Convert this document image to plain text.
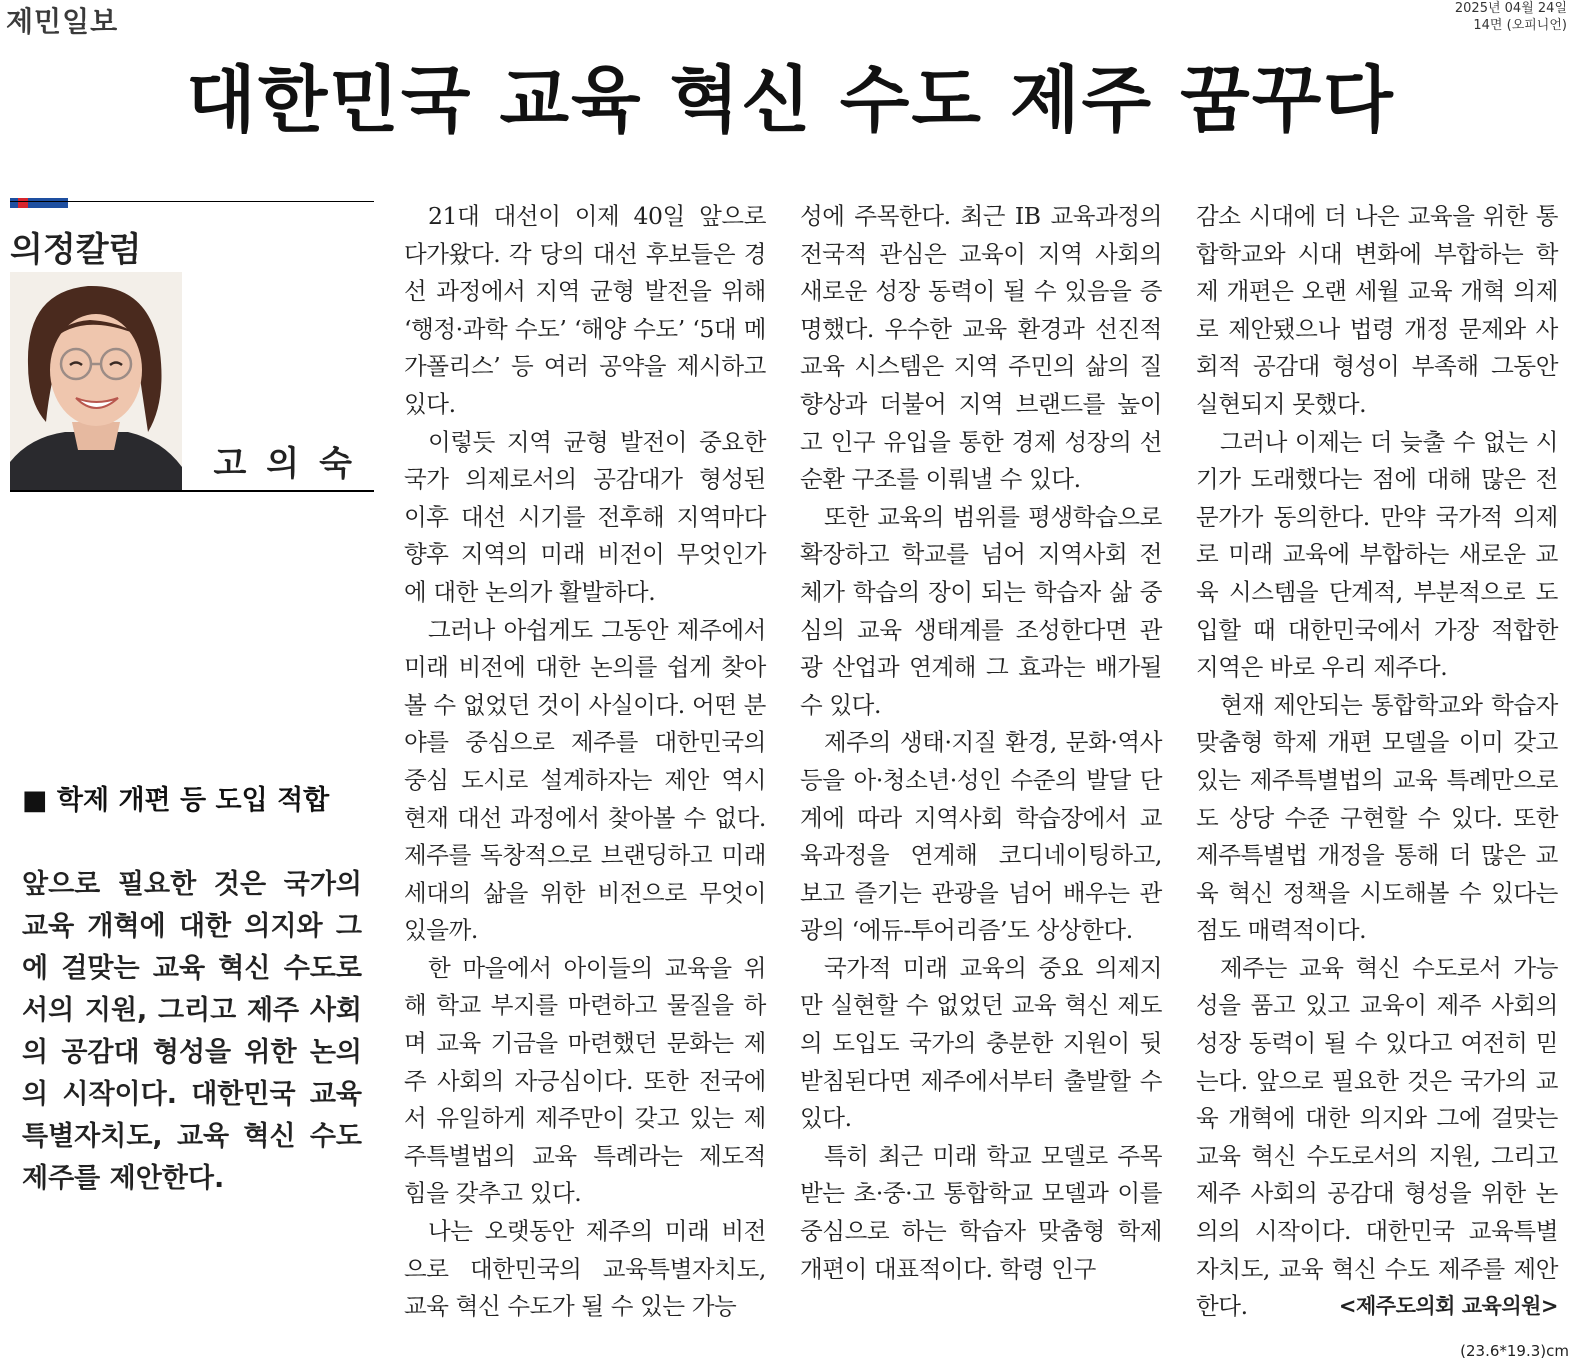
제민일보	2025년 04월 24일
14면 (오피니언)
대한민국 교육 혁신 수도 제주 꿈꾸다
의정칼럼
고의숙
■ 학제 개편 등 도입 적합
앞으로 필요한 것은 국가의 교육 개혁에 대한 의지와 그에 걸맞는 교육 혁신 수도로서의 지원, 그리고 제주 사회의 공감대 형성을 위한 논의의 시작이다. 대한민국 교육특별자치도, 교육 혁신 수도 제주를 제안한다.

21대 대선이 이제 40일 앞으로 다가왔다. 각 당의 대선 후보들은 경선 과정에서 지역 균형 발전을 위해 ‘행정·과학 수도’ ‘해양 수도’ ‘5대 메가폴리스’ 등 여러 공약을 제시하고 있다.

이렇듯 지역 균형 발전이 중요한 국가 의제로서의 공감대가 형성된 이후 대선 시기를 전후해 지역마다 향후 지역의 미래 비전이 무엇인가에 대한 논의가 활발하다.

그러나 아쉽게도 그동안 제주에서 미래 비전에 대한 논의를 쉽게 찾아볼 수 없었던 것이 사실이다. 어떤 분야를 중심으로 제주를 대한민국의 중심 도시로 설계하자는 제안 역시 현재 대선 과정에서 찾아볼 수 없다. 제주를 독창적으로 브랜딩하고 미래 세대의 삶을 위한 비전으로 무엇이 있을까.

한 마을에서 아이들의 교육을 위해 학교 부지를 마련하고 물질을 하며 교육 기금을 마련했던 문화는 제주 사회의 자긍심이다. 또한 전국에서 유일하게 제주만이 갖고 있는 제주특별법의 교육 특례라는 제도적 힘을 갖추고 있다.

나는 오랫동안 제주의 미래 비전으로 대한민국의 교육특별자치도, 교육 혁신 수도가 될 수 있는 가능

성에 주목한다. 최근 IB 교육과정의 전국적 관심은 교육이 지역 사회의 새로운 성장 동력이 될 수 있음을 증명했다. 우수한 교육 환경과 선진적 교육 시스템은 지역 주민의 삶의 질 향상과 더불어 지역 브랜드를 높이고 인구 유입을 통한 경제 성장의 선순환 구조를 이뤄낼 수 있다.

또한 교육의 범위를 평생학습으로 확장하고 학교를 넘어 지역사회 전체가 학습의 장이 되는 학습자 삶 중심의 교육 생태계를 조성한다면 관광 산업과 연계해 그 효과는 배가될 수 있다.

제주의 생태·지질 환경, 문화·역사 등을 아·청소년·성인 수준의 발달 단계에 따라 지역사회 학습장에서 교육과정을 연계해 코디네이팅하고, 보고 즐기는 관광을 넘어 배우는 관광의 ‘에듀-투어리즘’도 상상한다.

국가적 미래 교육의 중요 의제지만 실현할 수 없었던 교육 혁신 제도의 도입도 국가의 충분한 지원이 뒷받침된다면 제주에서부터 출발할 수 있다.

특히 최근 미래 학교 모델로 주목받는 초·중·고 통합학교 모델과 이를 중심으로 하는 학습자 맞춤형 학제 개편이 대표적이다. 학령 인구

감소 시대에 더 나은 교육을 위한 통합학교와 시대 변화에 부합하는 학제 개편은 오랜 세월 교육 개혁 의제로 제안됐으나 법령 개정 문제와 사회적 공감대 형성이 부족해 그동안 실현되지 못했다.

그러나 이제는 더 늦출 수 없는 시기가 도래했다는 점에 대해 많은 전문가가 동의한다. 만약 국가적 의제로 미래 교육에 부합하는 새로운 교육 시스템을 단계적, 부분적으로 도입할 때 대한민국에서 가장 적합한 지역은 바로 우리 제주다.

현재 제안되는 통합학교와 학습자 맞춤형 학제 개편 모델을 이미 갖고 있는 제주특별법의 교육 특례만으로도 상당 수준 구현할 수 있다. 또한 제주특별법 개정을 통해 더 많은 교육 혁신 정책을 시도해볼 수 있다는 점도 매력적이다.

제주는 교육 혁신 수도로서 가능성을 품고 있고 교육이 제주 사회의 성장 동력이 될 수 있다고 여전히 믿는다. 앞으로 필요한 것은 국가의 교육 개혁에 대한 의지와 그에 걸맞는 교육 혁신 수도로서의 지원, 그리고 제주 사회의 공감대 형성을 위한 논의의 시작이다. 대한민국 교육특별자치도, 교육 혁신 수도 제주를 제안한다.	<제주도의회 교육의원>

(23.6*19.3)cm
